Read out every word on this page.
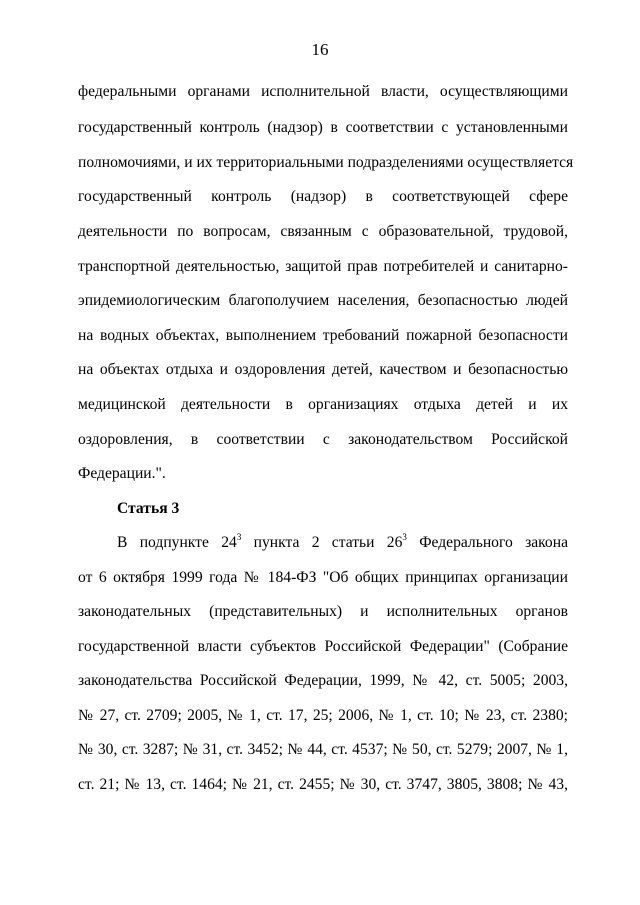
16
федеральными органами исполнительной власти, осуществляющими
государственный контроль (надзор) в соответствии с установленными
полномочиями, и их территориальными подразделениями осуществляется
государственный контроль (надзор) в соответствующей сфере
деятельности по вопросам, связанным с образовательной, трудовой,
транспортной деятельностью, защитой прав потребителей и санитарно-
эпидемиологическим благополучием населения, безопасностью людей
на водных объектах, выполнением требований пожарной безопасности
на объектах отдыха и оздоровления детей, качеством и безопасностью
медицинской деятельности в организациях отдыха детей и их
оздоровления, в соответствии с законодательством Российской
Федерации.".
Статья 3
В подпункте $24^3$ пункта 2 статьи $26^3$ Федерального закона
от 6 октября 1999 года № 184-ФЗ "Об общих принципах организации
законодательных (представительных) и исполнительных органов
государственной власти субъектов Российской Федерации" (Собрание
законодательства Российской Федерации, 1999, № 42, ст. 5005; 2003,
№ 27, ст. 2709; 2005, № 1, ст. 17, 25; 2006, № 1, ст. 10; № 23, ст. 2380;
№ 30, ст. 3287; № 31, ст. 3452; № 44, ст. 4537; № 50, ст. 5279; 2007, № 1,
ст. 21; № 13, ст. 1464; № 21, ст. 2455; № 30, ст. 3747, 3805, 3808; № 43,
